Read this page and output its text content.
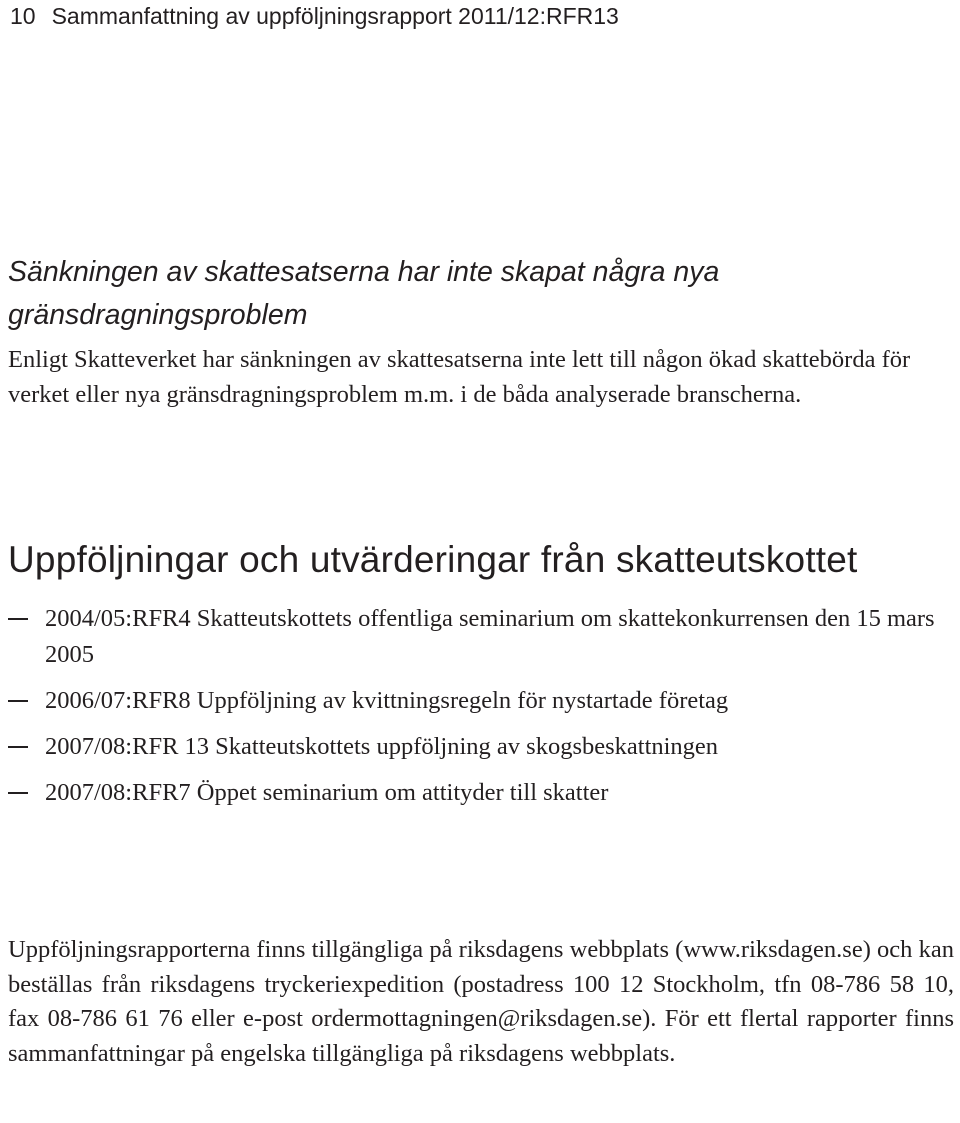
10 Sammanfattning av uppföljningsrapport 2011/12:RFR13
Sänkningen av skattesatserna har inte skapat några nya gränsdragningsproblem

Enligt Skatteverket har sänkningen av skattesatserna inte lett till någon ökad skattebörda för verket eller nya gränsdragningsproblem m.m. i de båda analyserade branscherna.

Uppföljningar och utvärderingar från skatteutskottet
2004/05:RFR4 Skatteutskottets offentliga seminarium om skattekonkurrensen den 15 mars 2005
2006/07:RFR8 Uppföljning av kvittningsregeln för nystartade företag
2007/08:RFR 13 Skatteutskottets uppföljning av skogsbeskattningen
2007/08:RFR7 Öppet seminarium om attityder till skatter

Uppföljningsrapporterna finns tillgängliga på riksdagens webbplats (www.riksdagen.se) och kan beställas från riksdagens tryckeriexpedition (postadress 100 12 Stockholm, tfn 08-786 58 10, fax 08-786 61 76 eller e-post ordermottagningen@riksdagen.se). För ett flertal rapporter finns sammanfattningar på engelska tillgängliga på riksdagens webbplats.
